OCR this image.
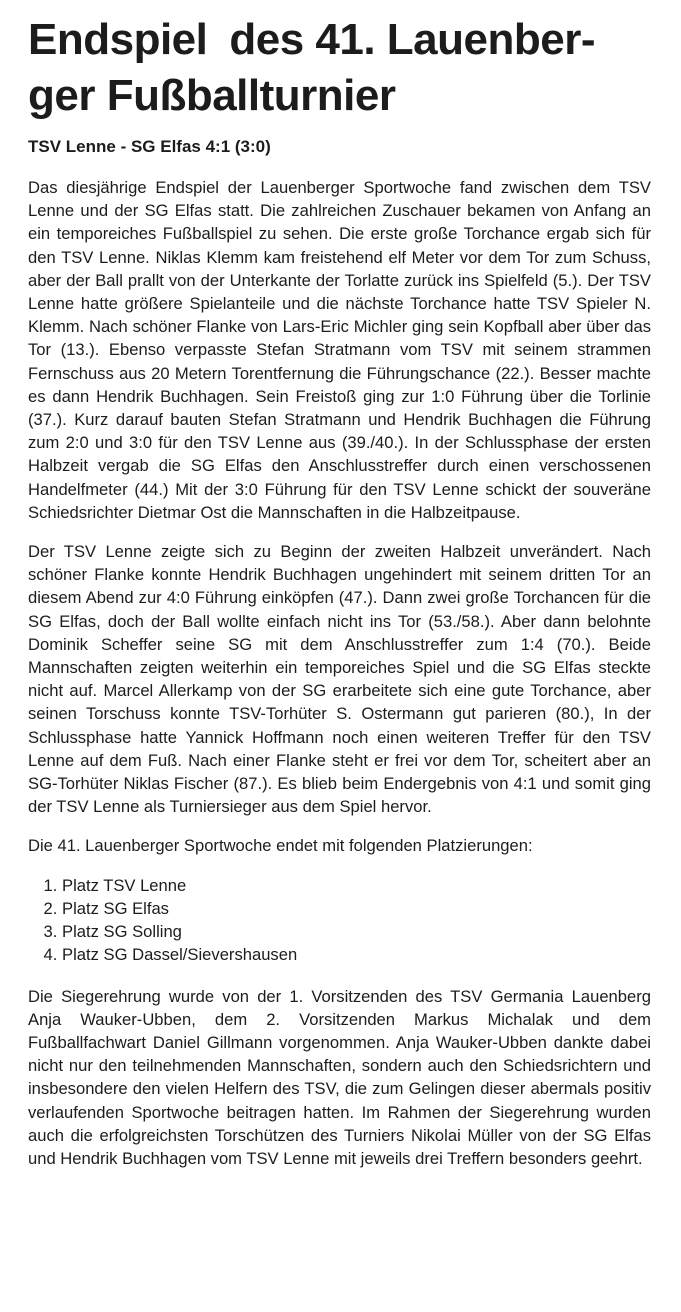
Endspiel des 41. Lauenber-ger Fußballturnier
TSV Lenne - SG Elfas 4:1 (3:0)

Das diesjährige Endspiel der Lauenberger Sportwoche fand zwischen dem TSV Lenne und der SG Elfas statt. Die zahlreichen Zuschauer bekamen von Anfang an ein temporeiches Fußballspiel zu sehen. Die erste große Torchance ergab sich für den TSV Lenne. Niklas Klemm kam freistehend elf Meter vor dem Tor zum Schuss, aber der Ball prallt von der Unterkante der Torlatte zurück ins Spielfeld (5.). Der TSV Lenne hatte größere Spielanteile und die nächste Torchance hatte TSV Spieler N. Klemm. Nach schöner Flanke von Lars-Eric Michler ging sein Kopfball aber über das Tor (13.). Ebenso verpasste Stefan Stratmann vom TSV mit seinem strammen Fernschuss aus 20 Metern Torentfernung die Führungschance (22.). Besser machte es dann Hendrik Buchhagen. Sein Freistoß ging zur 1:0 Führung über die Torlinie (37.). Kurz darauf bauten Stefan Stratmann und Hendrik Buchhagen die Führung zum 2:0 und 3:0 für den TSV Lenne aus (39./40.). In der Schlussphase der ersten Halbzeit vergab die SG Elfas den Anschlusstreffer durch einen verschossenen Handelfmeter (44.) Mit der 3:0 Führung für den TSV Lenne schickt der souveräne Schiedsrichter Dietmar Ost die Mannschaften in die Halbzeitpause.

Der TSV Lenne zeigte sich zu Beginn der zweiten Halbzeit unverändert. Nach schöner Flanke konnte Hendrik Buchhagen ungehindert mit seinem dritten Tor an diesem Abend zur 4:0 Führung einköpfen (47.). Dann zwei große Torchancen für die SG Elfas, doch der Ball wollte einfach nicht ins Tor (53./58.). Aber dann belohnte Dominik Scheffer seine SG mit dem Anschlusstreffer zum 1:4 (70.). Beide Mannschaften zeigten weiterhin ein temporeiches Spiel und die SG Elfas steckte nicht auf. Marcel Allerkamp von der SG erarbeitete sich eine gute Torchance, aber seinen Torschuss konnte TSV-Torhüter S. Ostermann gut parieren (80.), In der Schlussphase hatte Yannick Hoffmann noch einen weiteren Treffer für den TSV Lenne auf dem Fuß. Nach einer Flanke steht er frei vor dem Tor, scheitert aber an SG-Torhüter Niklas Fischer (87.). Es blieb beim Endergebnis von 4:1 und somit ging der TSV Lenne als Turniersieger aus dem Spiel hervor.

Die 41. Lauenberger Sportwoche endet mit folgenden Platzierungen:

1. Platz TSV Lenne
2. Platz SG Elfas
3. Platz SG Solling
4. Platz SG Dassel/Sievershausen

Die Siegerehrung wurde von der 1. Vorsitzenden des TSV Germania Lauenberg Anja Wauker-Ubben, dem 2. Vorsitzenden Markus Michalak und dem Fußballfachwart Daniel Gillmann vorgenommen. Anja Wauker-Ubben dankte dabei nicht nur den teilnehmenden Mannschaften, sondern auch den Schiedsrichtern und insbesondere den vielen Helfern des TSV, die zum Gelingen dieser abermals positiv verlaufenden Sportwoche beitragen hatten. Im Rahmen der Siegerehrung wurden auch die erfolgreichsten Torschützen des Turniers Nikolai Müller von der SG Elfas und Hendrik Buchhagen vom TSV Lenne mit jeweils drei Treffern besonders geehrt.
